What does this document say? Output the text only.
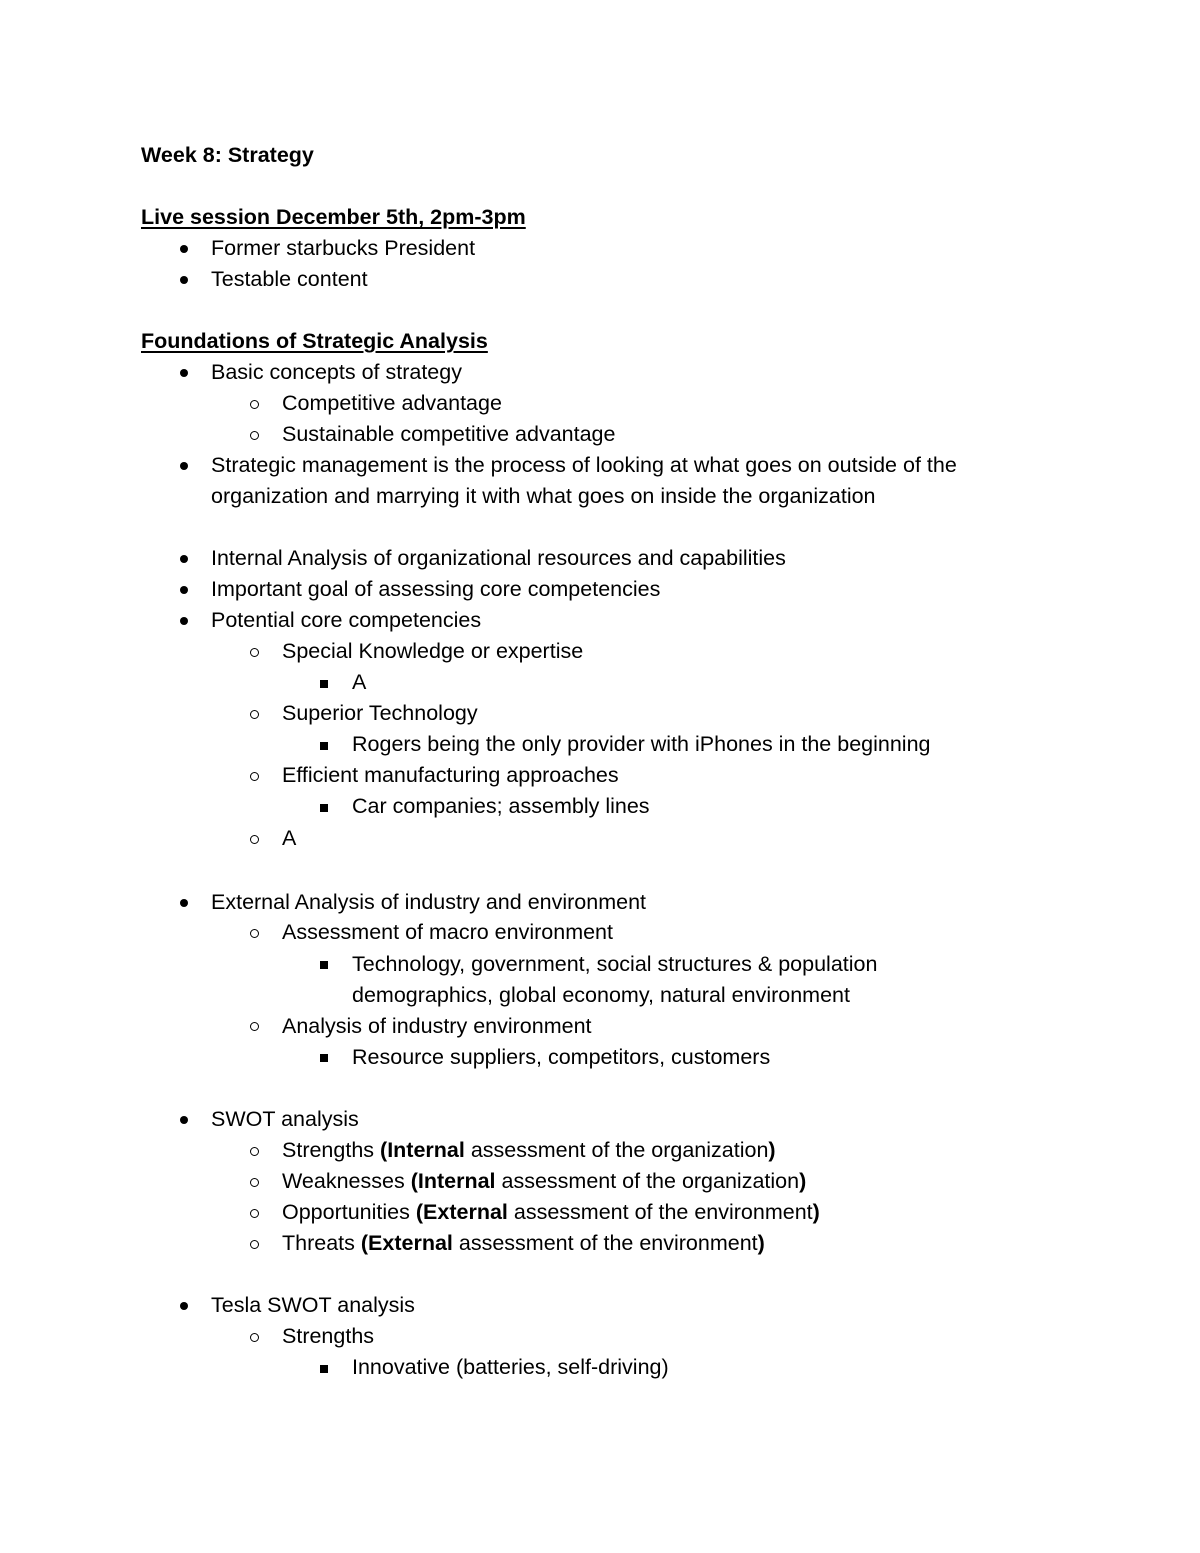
Week 8: Strategy
Live session December 5th, 2pm-3pm
Former starbucks President
Testable content
Foundations of Strategic Analysis
Basic concepts of strategy
Competitive advantage
Sustainable competitive advantage
Strategic management is the process of looking at what goes on outside of the
organization and marrying it with what goes on inside the organization
Internal Analysis of organizational resources and capabilities
Important goal of assessing core competencies
Potential core competencies
Special Knowledge or expertise
A
Superior Technology
Rogers being the only provider with iPhones in the beginning
Efficient manufacturing approaches
Car companies; assembly lines
A
External Analysis of industry and environment
Assessment of macro environment
Technology, government, social structures & population
demographics, global economy, natural environment
Analysis of industry environment
Resource suppliers, competitors, customers
SWOT analysis
Strengths (Internal assessment of the organization)
Weaknesses (Internal assessment of the organization)
Opportunities (External assessment of the environment)
Threats (External assessment of the environment)
Tesla SWOT analysis
Strengths
Innovative (batteries, self-driving)
